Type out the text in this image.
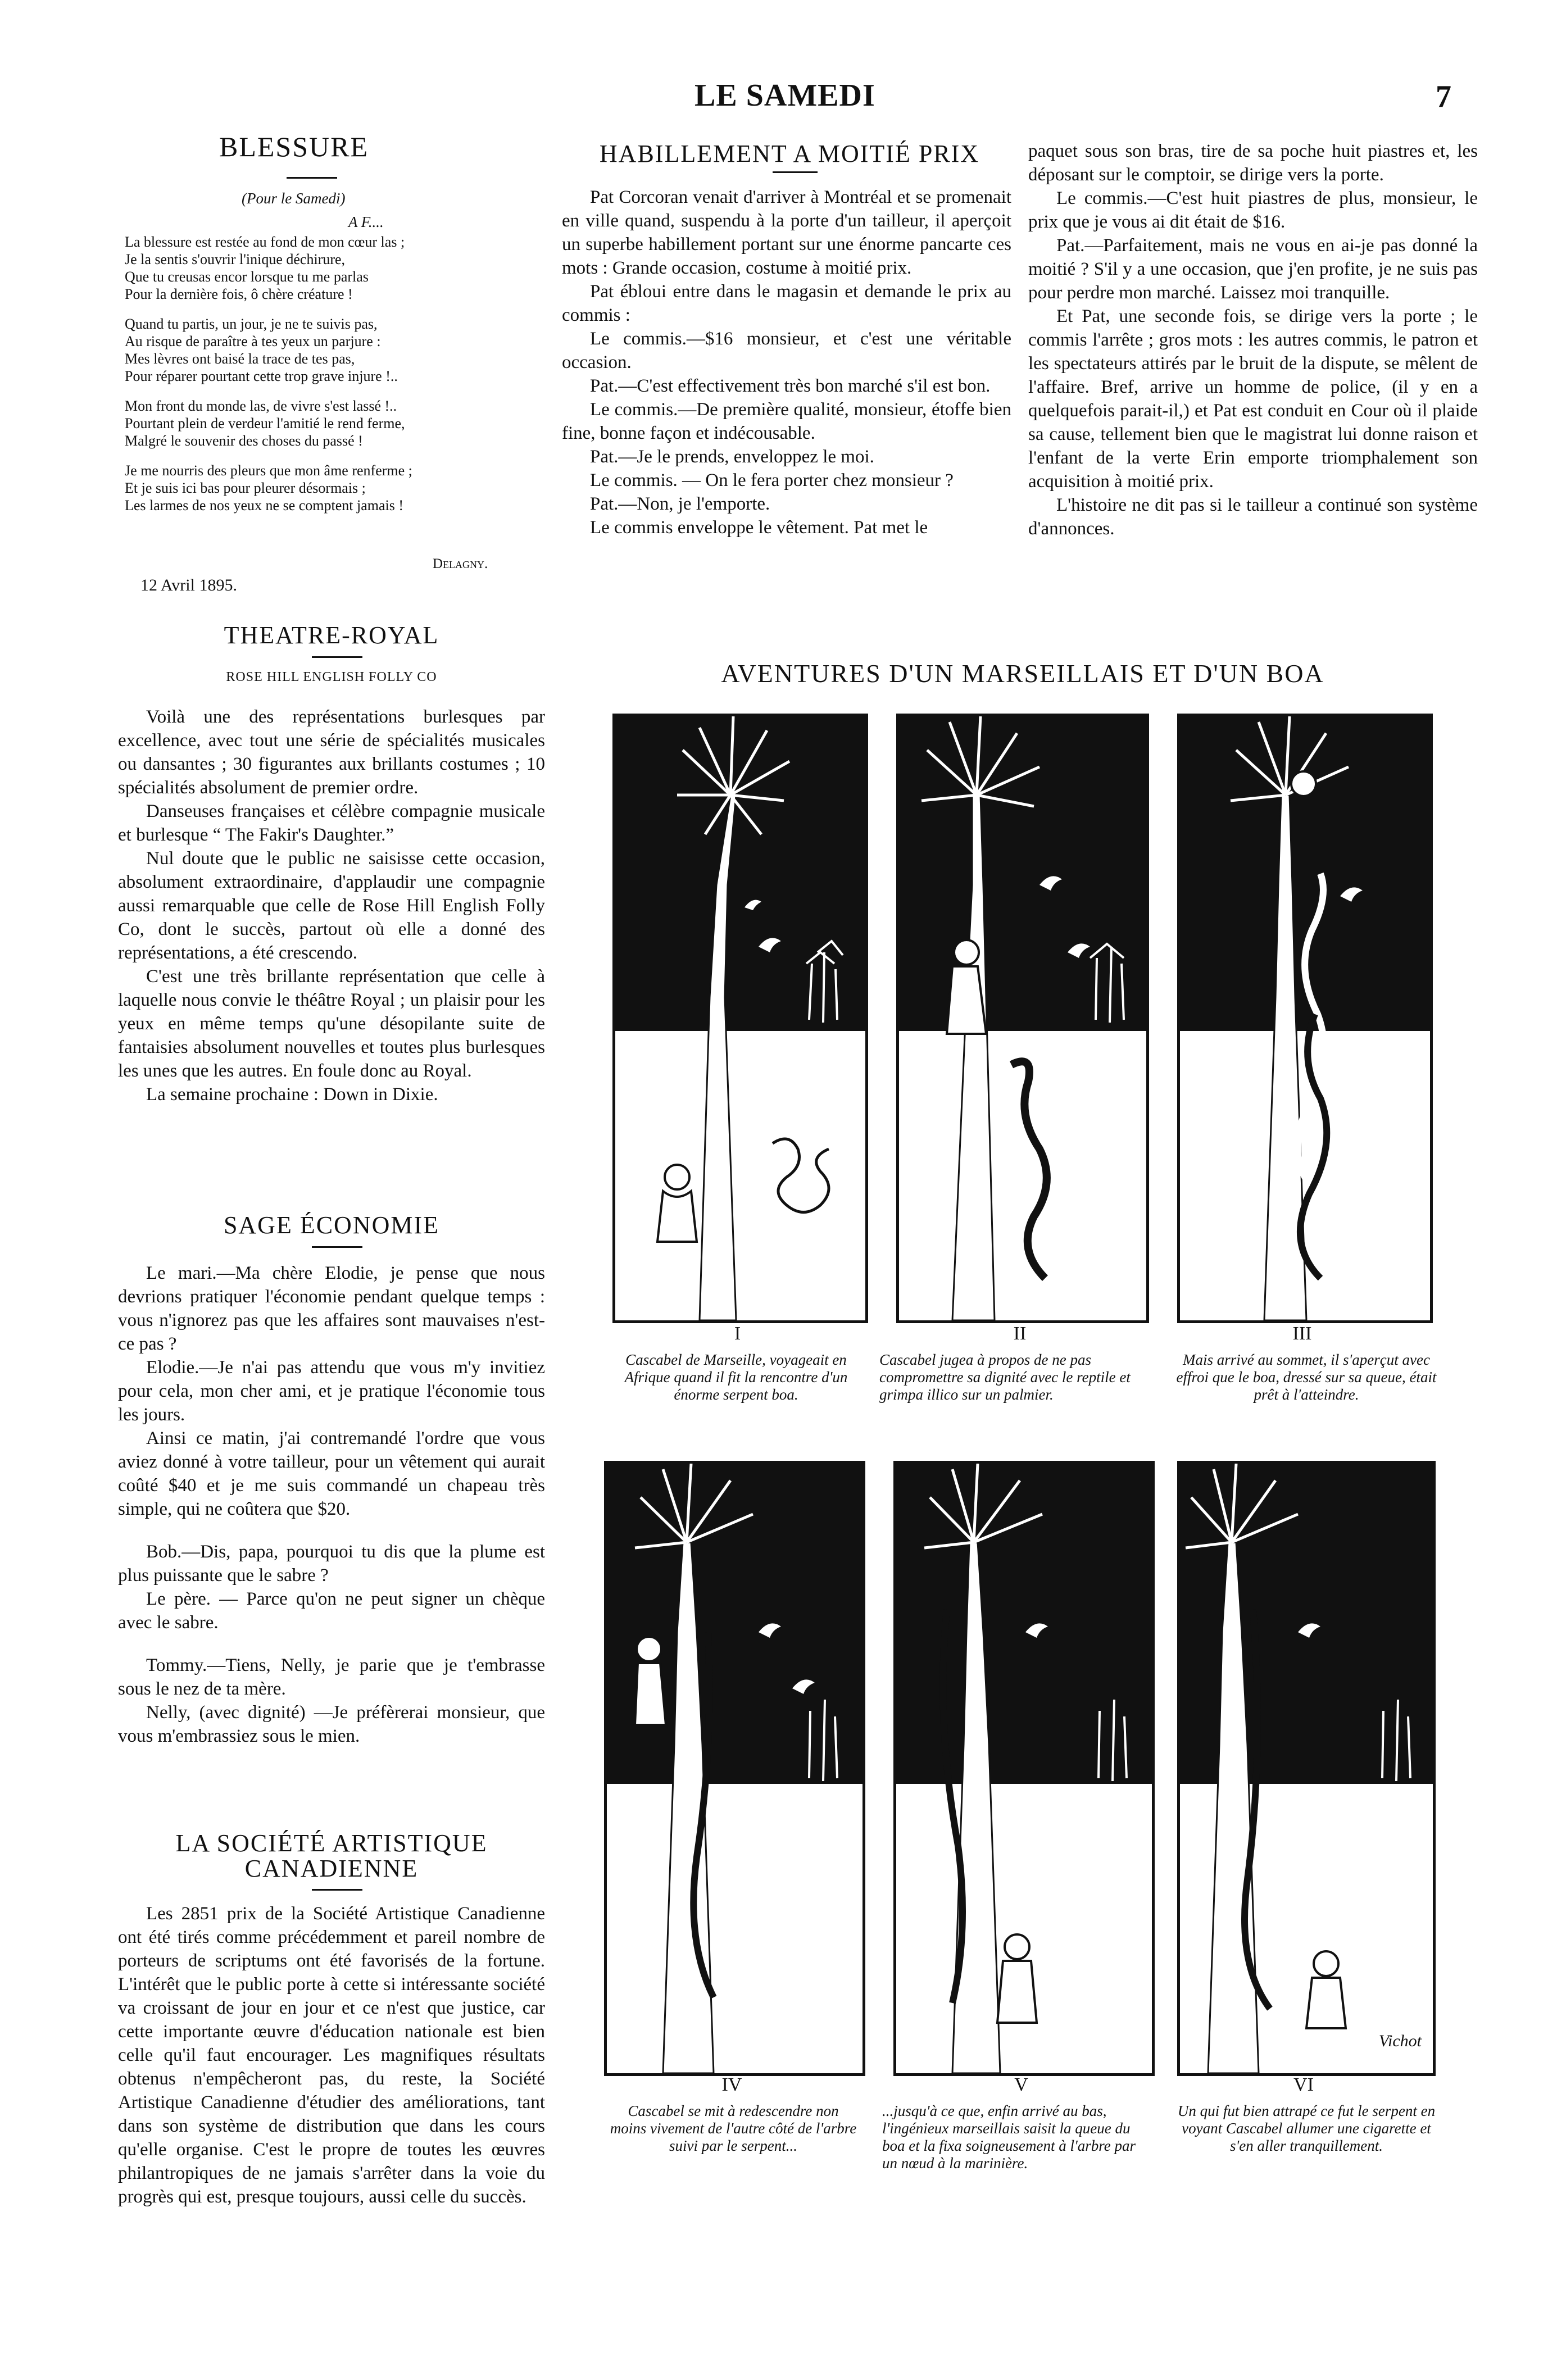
LE SAMEDI	7
BLESSURE
(Pour le Samedi)
A F....
La blessure est restée au fond de mon cœur las ;
Je la sentis s'ouvrir l'inique déchirure,
Que tu creusas encor lorsque tu me parlas
Pour la dernière fois, ô chère créature !
Quand tu partis, un jour, je ne te suivis pas,
Au risque de paraître à tes yeux un parjure :
Mes lèvres ont baisé la trace de tes pas,
Pour réparer pourtant cette trop grave injure !..
Mon front du monde las, de vivre s'est lassé !..
Pourtant plein de verdeur l'amitié le rend ferme,
Malgré le souvenir des choses du passé !
Je me nourris des pleurs que mon âme renferme ;
Et je suis ici bas pour pleurer désormais ;
Les larmes de nos yeux ne se comptent jamais !
Delagny.
12 Avril 1895.
THEATRE-ROYAL
ROSE HILL ENGLISH FOLLY CO

Voilà une des représentations burlesques par excellence, avec tout une série de spécialités musicales ou dansantes ; 30 figurantes aux brillants costumes ; 10 spécialités absolument de premier ordre.

Danseuses françaises et célèbre compagnie musicale et burlesque “ The Fakir's Daughter.”

Nul doute que le public ne saisisse cette occasion, absolument extraordinaire, d'applaudir une compagnie aussi remarquable que celle de Rose Hill English Folly Co, dont le succès, partout où elle a donné des représentations, a été crescendo.

C'est une très brillante représentation que celle à laquelle nous convie le théâtre Royal ; un plaisir pour les yeux en même temps qu'une désopilante suite de fantaisies absolument nouvelles et toutes plus burlesques les unes que les autres. En foule donc au Royal.

La semaine prochaine : Down in Dixie.

SAGE ÉCONOMIE

Le mari.—Ma chère Elodie, je pense que nous devrions pratiquer l'économie pendant quelque temps : vous n'ignorez pas que les affaires sont mauvaises n'est-ce pas ?

Elodie.—Je n'ai pas attendu que vous m'y invitiez pour cela, mon cher ami, et je pratique l'économie tous les jours.

Ainsi ce matin, j'ai contremandé l'ordre que vous aviez donné à votre tailleur, pour un vêtement qui aurait coûté $40 et je me suis commandé un chapeau très simple, qui ne coûtera que $20.

Bob.—Dis, papa, pourquoi tu dis que la plume est plus puissante que le sabre ?

Le père. — Parce qu'on ne peut signer un chèque avec le sabre.

Tommy.—Tiens, Nelly, je parie que je t'embrasse sous le nez de ta mère.

Nelly, (avec dignité) —Je préfèrerai monsieur, que vous m'embrassiez sous le mien.

LA SOCIÉTÉ ARTISTIQUE
CANADIENNE

Les 2851 prix de la Société Artistique Canadienne ont été tirés comme précédemment et pareil nombre de porteurs de scriptums ont été favorisés de la fortune. L'intérêt que le public porte à cette si intéressante société va croissant de jour en jour et ce n'est que justice, car cette importante œuvre d'éducation nationale est bien celle qu'il faut encourager. Les magnifiques résultats obtenus n'empêcheront pas, du reste, la Société Artistique Canadienne d'étudier des améliorations, tant dans son système de distribution que dans les cours qu'elle organise. C'est le propre de toutes les œuvres philantropiques de ne jamais s'arrêter dans la voie du progrès qui est, presque toujours, aussi celle du succès.

HABILLEMENT A MOITIÉ PRIX

Pat Corcoran venait d'arriver à Montréal et se promenait en ville quand, suspendu à la porte d'un tailleur, il aperçoit un superbe habillement portant sur une énorme pancarte ces mots : Grande occasion, costume à moitié prix.

Pat ébloui entre dans le magasin et demande le prix au commis :

Le commis.—$16 monsieur, et c'est une véritable occasion.

Pat.—C'est effectivement très bon marché s'il est bon.

Le commis.—De première qualité, monsieur, étoffe bien fine, bonne façon et indécousable.

Pat.—Je le prends, enveloppez le moi.

Le commis. — On le fera porter chez monsieur ?

Pat.—Non, je l'emporte.

Le commis enveloppe le vêtement. Pat met le

paquet sous son bras, tire de sa poche huit piastres et, les déposant sur le comptoir, se dirige vers la porte.

Le commis.—C'est huit piastres de plus, monsieur, le prix que je vous ai dit était de $16.

Pat.—Parfaitement, mais ne vous en ai-je pas donné la moitié ? S'il y a une occasion, que j'en profite, je ne suis pas pour perdre mon marché. Laissez moi tranquille.

Et Pat, une seconde fois, se dirige vers la porte ; le commis l'arrête ; gros mots : les autres commis, le patron et les spectateurs attirés par le bruit de la dispute, se mêlent de l'affaire. Bref, arrive un homme de police, (il y en a quelquefois parait-il,) et Pat est conduit en Cour où il plaide sa cause, tellement bien que le magistrat lui donne raison et l'enfant de la verte Erin emporte triomphalement son acquisition à moitié prix.

L'histoire ne dit pas si le tailleur a continué son système d'annonces.

AVENTURES D'UN MARSEILLAIS ET D'UN BOA
I	II	III
Cascabel de Marseille, voyageait en Afrique quand il fit la rencontre d'un énorme serpent boa.
Cascabel jugea à propos de ne pas compromettre sa dignité avec le reptile et grimpa illico sur un palmier.
Mais arrivé au sommet, il s'aperçut avec effroi que le boa, dressé sur sa queue, était prêt à l'atteindre.
Vichot
IV	V	VI
Cascabel se mit à redescendre non moins vivement de l'autre côté de l'arbre suivi par le serpent...
...jusqu'à ce que, enfin arrivé au bas, l'ingénieux marseillais saisit la queue du boa et la fixa soigneusement à l'arbre par un nœud à la marinière.
Un qui fut bien attrapé ce fut le serpent en voyant Cascabel allumer une cigarette et s'en aller tranquillement.
